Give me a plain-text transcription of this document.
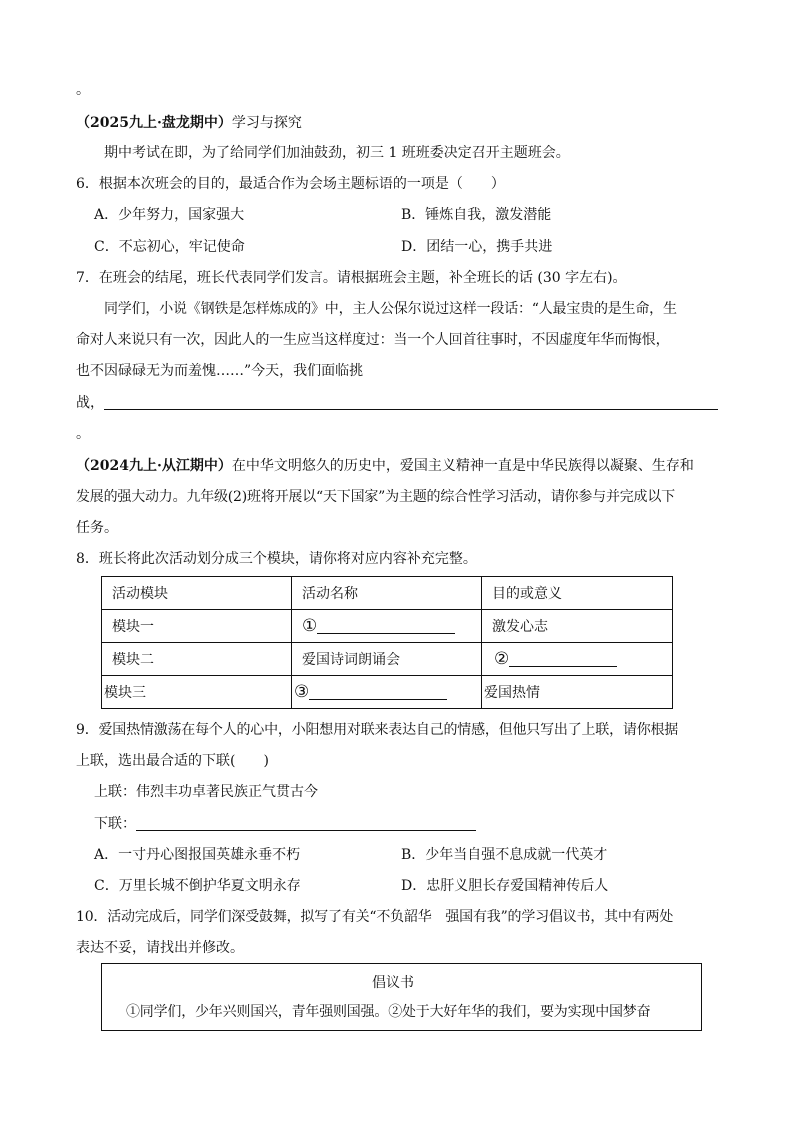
。
（2025九上·盘龙期中）学习与探究
期中考试在即，为了给同学们加油鼓劲，初三 1 班班委决定召开主题班会。
6．根据本次班会的目的，最适合作为会场主题标语的一项是（　　）
A．少年努力，国家强大	B．锤炼自我，激发潜能
C．不忘初心，牢记使命	D．团结一心，携手共进
7．在班会的结尾，班长代表同学们发言。请根据班会主题，补全班长的话 (30 字左右)。
同学们，小说《钢铁是怎样炼成的》中，主人公保尔说过这样一段话：“人最宝贵的是生命，生
命对人来说只有一次，因此人的一生应当这样度过：当一个人回首往事时，不因虚度年华而悔恨，
也不因碌碌无为而羞愧……”今天，我们面临挑
战，
。
（2024九上·从江期中）在中华文明悠久的历史中，爱国主义精神一直是中华民族得以凝聚、生存和
发展的强大动力。九年级(2)班将开展以“天下国家”为主题的综合性学习活动，请你参与并完成以下
任务。
8．班长将此次活动划分成三个模块，请你将对应内容补充完整。
活动模块	活动名称	目的或意义
模块一	①	激发心志
模块二	爱国诗词朗诵会	②
模块三	③	爱国热情
9．爱国热情激荡在每个人的心中，小阳想用对联来表达自己的情感，但他只写出了上联，请你根据
上联，选出最合适的下联(　　)
上联：伟烈丰功卓著民族正气贯古今
下联：
A．一寸丹心图报国英雄永垂不朽	B．少年当自强不息成就一代英才
C．万里长城不倒护华夏文明永存	D．忠肝义胆长存爱国精神传后人
10．活动完成后，同学们深受鼓舞，拟写了有关“不负韶华　强国有我”的学习倡议书，其中有两处
表达不妥，请找出并修改。
倡议书
①同学们，少年兴则国兴，青年强则国强。②处于大好年华的我们，要为实现中国梦奋
